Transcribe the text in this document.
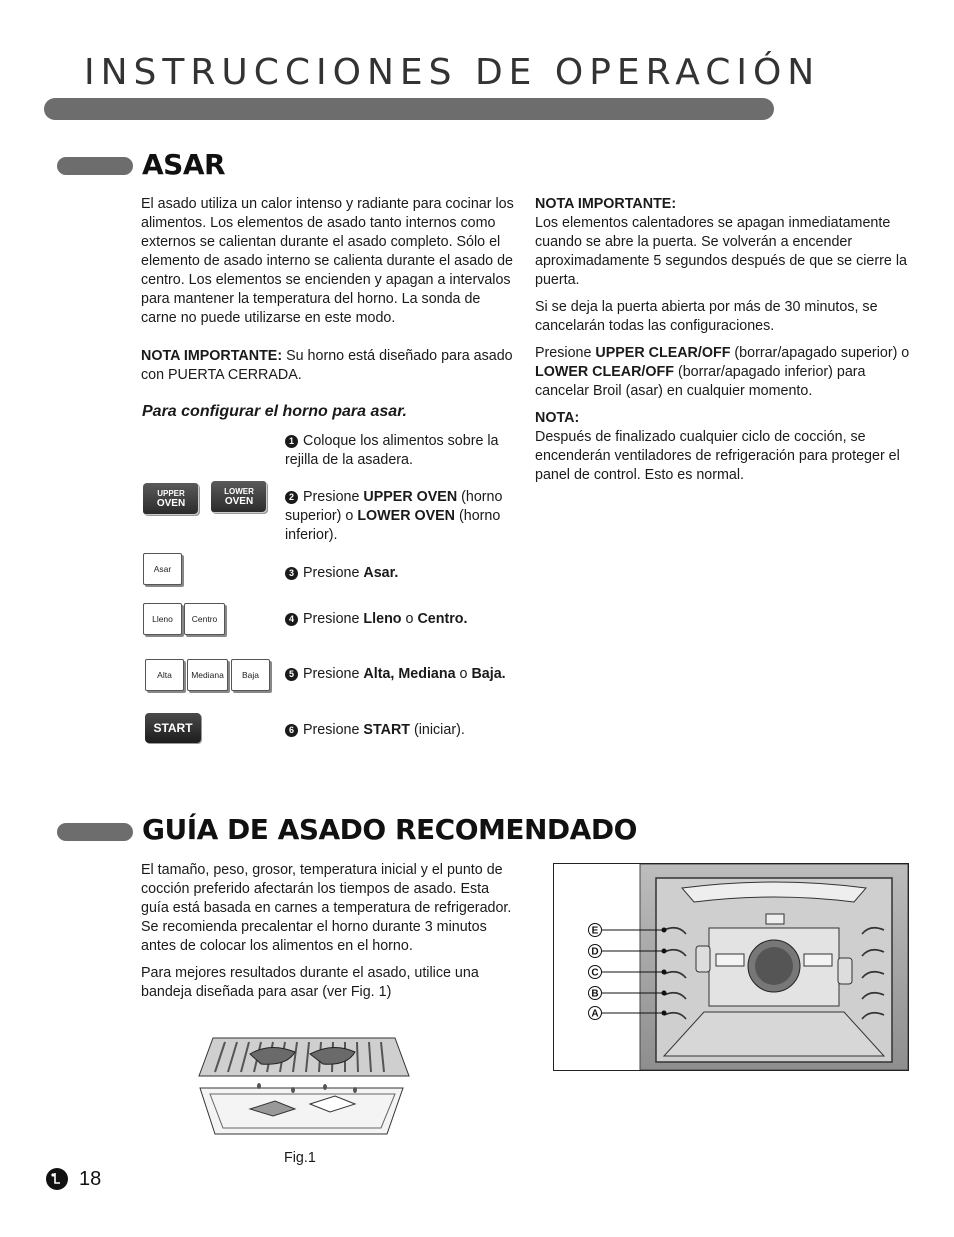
INSTRUCCIONES DE OPERACIÓN
ASAR

El asado utiliza un calor intenso y radiante para cocinar los alimentos. Los elementos de asado tanto internos como externos se calientan durante el asado completo. Sólo el elemento de asado interno se calienta durante el asado de centro. Los elementos se encienden y apagan a intervalos para mantener la temperatura del horno. La sonda de carne no puede utilizarse en este modo.

NOTA IMPORTANTE: Su horno está diseñado para asado con PUERTA CERRADA.

Para configurar el horno para asar.
1 Coloque los alimentos sobre la rejilla de la asadera.
2 Presione UPPER OVEN (horno superior) o LOWER OVEN (horno inferior).
3 Presione Asar.
4 Presione Lleno o Centro.
5 Presione Alta, Mediana o Baja.
6 Presione START (iniciar).
UPPER
OVEN
LOWER
OVEN
Asar
Lleno	Centro
Alta	Mediana	Baja
START

NOTA IMPORTANTE:

Los elementos calentadores se apagan inmediatamente cuando se abre la puerta. Se volverán a encender aproximadamente 5 segundos después de que se cierre la puerta.

Si se deja la puerta abierta por más de 30 minutos, se cancelarán todas las configuraciones.

Presione UPPER CLEAR/OFF (borrar/apagado superior) o LOWER CLEAR/OFF (borrar/apagado inferior) para cancelar Broil (asar) en cualquier momento.

NOTA:

Después de finalizado cualquier ciclo de cocción, se encenderán ventiladores de refrigeración para proteger el panel de control. Esto es normal.

GUÍA DE ASADO RECOMENDADO

El tamaño, peso, grosor, temperatura inicial y el punto de cocción preferido afectarán los tiempos de asado. Esta guía está basada en carnes a temperatura de refrigerador. Se recomienda precalentar el horno durante 3 minutos antes de colocar los alimentos en el horno.

Para mejores resultados durante el asado, utilice una bandeja diseñada para asar (ver Fig. 1)

E
D
C
B
A
Fig.1
18
